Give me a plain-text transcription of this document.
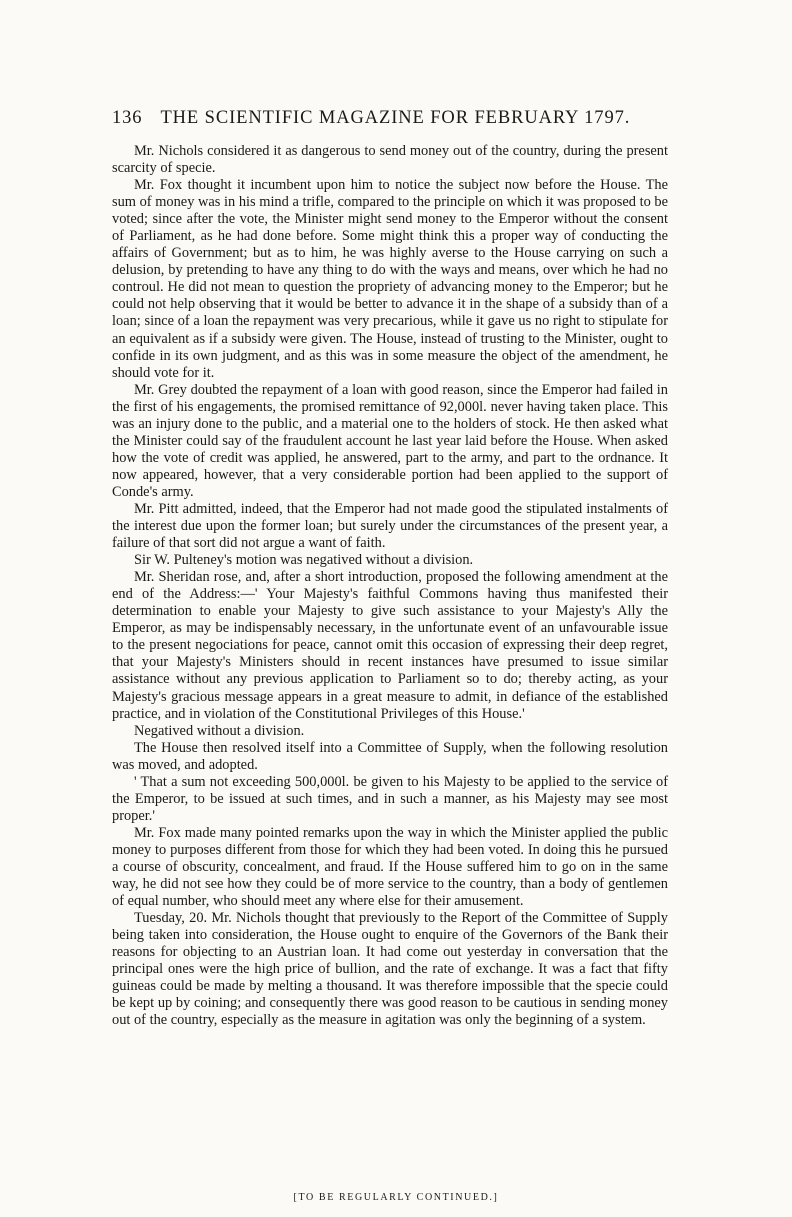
136 THE SCIENTIFIC MAGAZINE FOR FEBRUARY 1797.

Mr. Nichols considered it as dangerous to send money out of the country, during the present scarcity of specie.

Mr. Fox thought it incumbent upon him to notice the subject now before the House. The sum of money was in his mind a trifle, compared to the principle on which it was proposed to be voted; since after the vote, the Minister might send money to the Emperor without the consent of Parliament, as he had done before. Some might think this a proper way of conducting the affairs of Government; but as to him, he was highly averse to the House carrying on such a delusion, by pretending to have any thing to do with the ways and means, over which he had no controul. He did not mean to question the propriety of advancing money to the Emperor; but he could not help observing that it would be better to advance it in the shape of a subsidy than of a loan; since of a loan the repayment was very precarious, while it gave us no right to stipulate for an equivalent as if a subsidy were given. The House, instead of trusting to the Minister, ought to confide in its own judgment, and as this was in some measure the object of the amendment, he should vote for it.

Mr. Grey doubted the repayment of a loan with good reason, since the Emperor had failed in the first of his engagements, the promised remittance of 92,000l. never having taken place. This was an injury done to the public, and a material one to the holders of stock. He then asked what the Minister could say of the fraudulent account he last year laid before the House. When asked how the vote of credit was applied, he answered, part to the army, and part to the ordnance. It now appeared, however, that a very considerable portion had been applied to the support of Conde's army.

Mr. Pitt admitted, indeed, that the Emperor had not made good the stipulated instalments of the interest due upon the former loan; but surely under the circumstances of the present year, a failure of that sort did not argue a want of faith.

Sir W. Pulteney's motion was negatived without a division.

Mr. Sheridan rose, and, after a short introduction, proposed the following amendment at the end of the Address:—' Your Majesty's faithful Commons having thus manifested their determination to enable your Majesty to give such assistance to your Majesty's Ally the Emperor, as may be indispensably necessary, in the unfortunate event of an unfavourable issue to the present negociations for peace, cannot omit this occasion of expressing their deep regret, that your Majesty's Ministers should in recent instances have presumed to issue similar assistance without any previous application to Parliament so to do; thereby acting, as your Majesty's gracious message appears in a great measure to admit, in defiance of the established practice, and in violation of the Constitutional Privileges of this House.'

Negatived without a division.

The House then resolved itself into a Committee of Supply, when the following resolution was moved, and adopted.

' That a sum not exceeding 500,000l. be given to his Majesty to be applied to the service of the Emperor, to be issued at such times, and in such a manner, as his Majesty may see most proper.'

Mr. Fox made many pointed remarks upon the way in which the Minister applied the public money to purposes different from those for which they had been voted. In doing this he pursued a course of obscurity, concealment, and fraud. If the House suffered him to go on in the same way, he did not see how they could be of more service to the country, than a body of gentlemen of equal number, who should meet any where else for their amusement.

Tuesday, 20. Mr. Nichols thought that previously to the Report of the Committee of Supply being taken into consideration, the House ought to enquire of the Governors of the Bank their reasons for objecting to an Austrian loan. It had come out yesterday in conversation that the principal ones were the high price of bullion, and the rate of exchange. It was a fact that fifty guineas could be made by melting a thousand. It was therefore impossible that the specie could be kept up by coining; and consequently there was good reason to be cautious in sending money out of the country, especially as the measure in agitation was only the beginning of a system.

[TO BE REGULARLY CONTINUED.]
